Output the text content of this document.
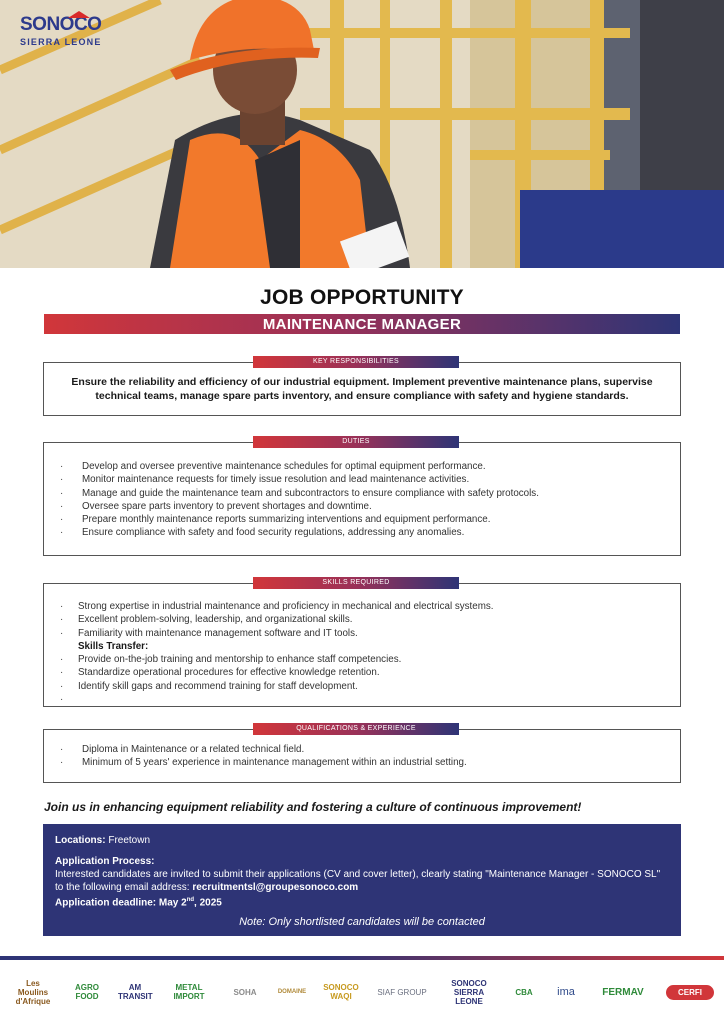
SONOCO
SIERRA LEONE
JOB OPPORTUNITY
MAINTENANCE MANAGER
Ensure the reliability and efficiency of our industrial equipment. Implement preventive maintenance plans, supervise technical teams, manage spare parts inventory, and ensure compliance with safety and hygiene standards.
KEY RESPONSIBILITIES
· Develop and oversee preventive maintenance schedules for optimal equipment performance.
· Monitor maintenance requests for timely issue resolution and lead maintenance activities.
· Manage and guide the maintenance team and subcontractors to ensure compliance with safety protocols.
· Oversee spare parts inventory to prevent shortages and downtime.
· Prepare monthly maintenance reports summarizing interventions and equipment performance.
· Ensure compliance with safety and food security regulations, addressing any anomalies.
DUTIES
· Strong expertise in industrial maintenance and proficiency in mechanical and electrical systems.
· Excellent problem-solving, leadership, and organizational skills.
· Familiarity with maintenance management software and IT tools.
Skills Transfer:
· Provide on-the-job training and mentorship to enhance staff competencies.
· Standardize operational procedures for effective knowledge retention.
· Identify skill gaps and recommend training for staff development.
SKILLS REQUIRED
· Diploma in Maintenance or a related technical field.
· Minimum of 5 years' experience in maintenance management within an industrial setting.
QUALIFICATIONS & EXPERIENCE
Join us in enhancing equipment reliability and fostering a culture of continuous improvement!
Locations: Freetown
Application Process:
Interested candidates are invited to submit their applications (CV and cover letter), clearly stating "Maintenance Manager - SONOCO SL" to the following email address: recruitmentsl@groupesonoco.com
Application deadline: May 2nd, 2025
Note: Only shortlisted candidates will be contacted
Les Moulins d'Afrique
AGRO FOOD
AM TRANSIT
METAL IMPORT	SOHA	DOMAINE	SONOCO WAQI	SIAF GROUP
SONOCO SIERRA LEONE
CBA	ima	FERMAV	CERFI
